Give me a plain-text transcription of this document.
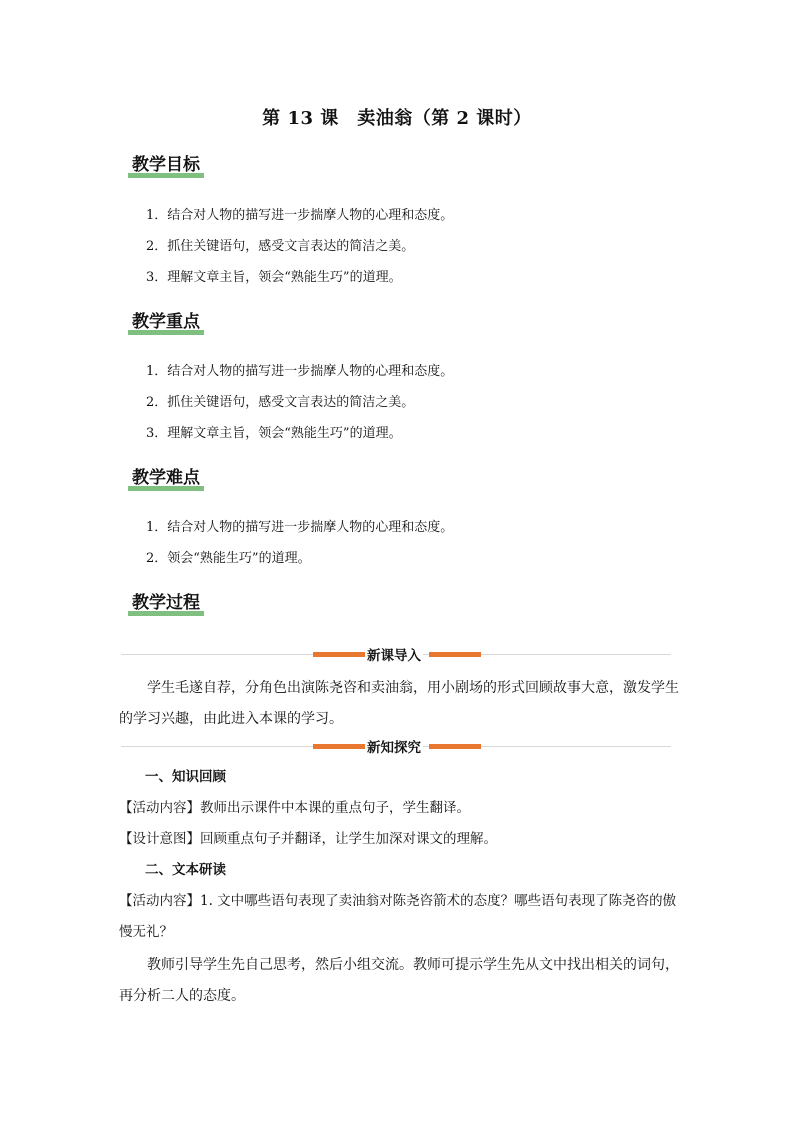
第 13 课　卖油翁（第 2 课时）
教学目标
1．结合对人物的描写进一步揣摩人物的心理和态度。
2．抓住关键语句，感受文言表达的简洁之美。
3．理解文章主旨，领会“熟能生巧”的道理。
教学重点
1．结合对人物的描写进一步揣摩人物的心理和态度。
2．抓住关键语句，感受文言表达的简洁之美。
3．理解文章主旨，领会“熟能生巧”的道理。
教学难点
1．结合对人物的描写进一步揣摩人物的心理和态度。
2．领会“熟能生巧”的道理。
教学过程
新课导入
学生毛遂自荐，分角色出演陈尧咨和卖油翁，用小剧场的形式回顾故事大意，激发学生的学习兴趣，由此进入本课的学习。
新知探究
一、知识回顾
【活动内容】教师出示课件中本课的重点句子，学生翻译。
【设计意图】回顾重点句子并翻译，让学生加深对课文的理解。
二、文本研读
【活动内容】1. 文中哪些语句表现了卖油翁对陈尧咨箭术的态度？哪些语句表现了陈尧咨的傲慢无礼？
教师引导学生先自己思考，然后小组交流。教师可提示学生先从文中找出相关的词句，再分析二人的态度。
